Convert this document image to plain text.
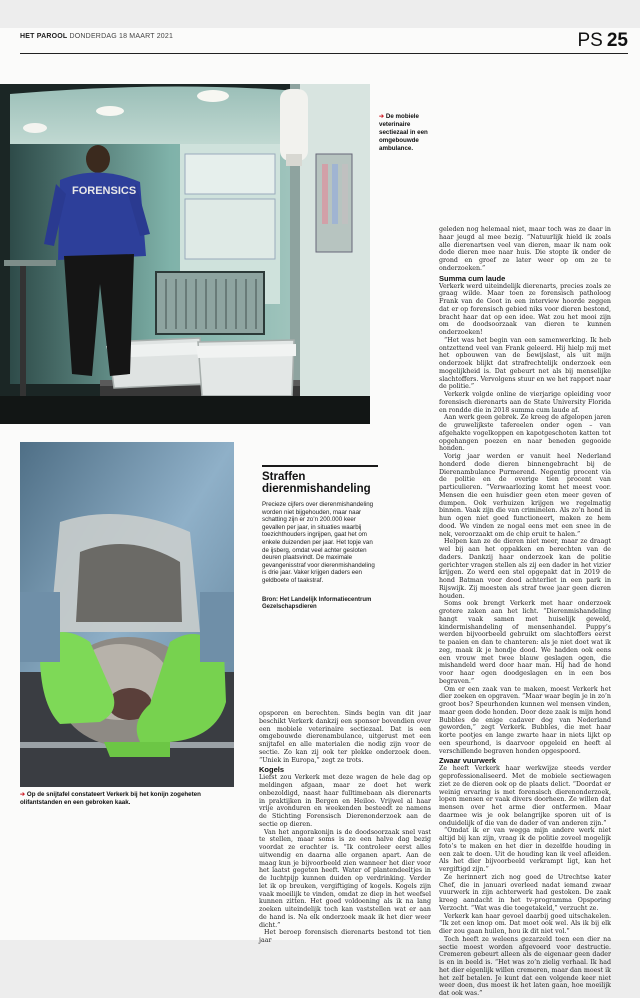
HET PAROOL DONDERDAG 18 MAART 2021	PS 25
FORENSICS
➔ De mobiele veterinaire sectiezaal in een omgebouwde ambulance.
➔ Op de snijtafel constateert Verkerk bij het konijn zogeheten olifantstanden en een gebroken kaak.
Straffen dierenmishandeling
Precieze cijfers over dierenmishandeling worden niet bijgehouden, maar naar schatting zijn er zo’n 200.000 keer gevallen per jaar, in situaties waarbij toezichthouders ingrijpen, gaat het om enkele duizenden per jaar. Het topje van de ijsberg, omdat veel achter gesloten deuren plaatsvindt. De maximale gevangenisstraf voor dierenmishandeling is drie jaar. Vaker krijgen daders een geldboete of taakstraf.
Bron: Het Landelijk Informatiecentrum Gezelschapsdieren

opsporen en berechten. Sinds begin van dit jaar beschikt Verkerk dankzij een sponsor bovendien over een mobiele veterinaire sectiezaal. Dat is een omgebouwde dierenambulance, uitgerust met een snijtafel en alle materialen die nodig zijn voor de sectie. Zo kan zij ook ter plekke onderzoek doen. “Uniek in Europa,” zegt ze trots.

Kogels

Liefst zou Verkerk met deze wagen de hele dag op meldingen afgaan, maar ze doet het werk onbezoldigd, naast haar fulltimebaan als dierenarts in praktijken in Bergen en Heiloo. Vrijwel al haar vrije avonduren en weekenden besteedt ze namens de Stichting Forensisch Dierenonderzoek aan de sectie op dieren.

Van het angorakonijn is de doodsoorzaak snel vast te stellen, maar soms is ze een halve dag bezig voordat ze erachter is. “Ik controleer eerst alles uitwendig en daarna alle organen apart. Aan de maag kun je bijvoorbeeld zien wanneer het dier voor het laatst gegeten heeft. Water of plantendeeltjes in de luchtpijp kunnen duiden op verdrinking. Verder let ik op breuken, vergiftiging of kogels. Kogels zijn vaak moeilijk te vinden, omdat ze diep in het weefsel kunnen zitten. Het goed voldoening als ik na lang zoeken uiteindelijk toch kan vaststellen wat er aan de hand is. Na elk onderzoek maak ik het dier weer dicht.”

Het beroep forensisch dierenarts bestond tot tien jaar

geleden nog helemaal niet, maar toch was ze daar in haar jeugd al mee bezig. “Natuurlijk hield ik zoals alle dierenartsen veel van dieren, maar ik nam ook dode dieren mee naar huis. Die stopte ik onder de grond en groef ze later weer op om ze te onderzoeken.”

Summa cum laude

Verkerk werd uiteindelijk dierenarts, precies zoals ze graag wilde. Maar toen ze forensisch patholoog Frank van de Goot in een interview hoorde zeggen dat er op forensisch gebied niks voor dieren bestond, bracht haar dat op een idee. Wat zou het mooi zijn om de doodsoorzaak van dieren te kunnen onderzoeken!

“Het was het begin van een samenwerking. Ik heb ontzettend veel van Frank geleerd. Hij hielp mij met het opbouwen van de bewijslast, als uit mijn onderzoek blijkt dat strafrechtelijk onderzoek een mogelijkheid is. Dat gebeurt net als bij menselijke slachtoffers. Vervolgens stuur en we het rapport naar de politie.”

Verkerk volgde online de vierjarige opleiding voor forensisch dierenarts aan de State University Florida en rondde die in 2018 summa cum laude af.

Aan werk geen gebrek. Ze kreeg de afgelopen jaren de gruwelijkste tafereelen onder ogen – van afgehakte vogelkoppen en kapotgeschoten katten tot opgehangen poezen en naar beneden gegooide honden.

Vorig jaar werden er vanuit heel Nederland honderd dode dieren binnengebracht bij de Dierenambulance Purmerend. Negentig procent via de politie en de overige tien procent van particulieren. “Verwaarlozing komt het meest voor. Mensen die een huisdier geen eten meer geven of dumpen. Ook verhuizen krijgen we regelmatig binnen. Vaak zijn die van criminelen. Als zo’n hond in hun ogen niet goed functioneert, maken ze hem dood. We vinden ze nogal eens met een snee in de nek, veroorzaakt om de chip eruit te halen.”

Helpen kan ze de dieren niet meer, maar ze draagt wel bij aan het oppakken en berechten van de daders. Dankzij haar onderzoek kan de politie gerichter vragen stellen als zij een dader in het vizier krijgen. Zo werd een stel opgepakt dat in 2019 de hond Batman voor dood achterliet in een park in Rijswijk. Zij moesten als straf twee jaar geen dieren houden.

Soms ook brengt Verkerk met haar onderzoek grotere zaken aan het licht. “Dierenmishandeling hangt vaak samen met huiselijk geweld, kindermishandeling of mensenhandel. Puppy’s werden bijvoorbeeld gebruikt om slachtoffers eerst te paaien en dan te chanteren: als je niet doet wat ik zeg, maak ik je hondje dood. We hadden ook eens een vrouw met twee blauw geslagen ogen, die mishandeld werd door haar man. Hij had de hond voor haar ogen doodgeslagen en in een bos begraven.”

Om er een zaak van te maken, moest Verkerk het dier zoeken en opgraven. “Maar waar begin je in zo’n groot bos? Speurhonden kunnen wel mensen vinden, maar geen dode honden. Door deze zaak is mijn hond Bubbles de enige cadaver dog van Nederland geworden,” zegt Verkerk. Bubbles, die met haar korte pootjes en lange zwarte haar in niets lijkt op een speurhond, is daarvoor opgeleid en heeft al verschillende begraven honden opgespoord.

Zwaar vuurwerk

Ze heeft Verkerk haar werkwijze steeds verder geprofessionaliseerd. Met de mobiele sectiewagen ziet ze de dieren ook op de plaats delict. “Doordat er weinig ervaring is met forensisch dierenonderzoek, lopen mensen er vaak divers doorheen. Ze willen dat mensen over het arme dier ontfermen. Maar daarmee wis je ook belangrijke sporen uit of is onduidelijk of die van de dader of van anderen zijn.”

“Omdat ik er van wegga mijn andere werk niet altijd bij kan zijn, vraag ik de politie zoveel mogelijk foto’s te maken en het dier in dezelfde houding in een zak te doen. Uit de houding kan ik veel afleiden. Als het dier bijvoorbeeld verkrampt ligt, kan het vergiftigd zijn.”

Ze herinnert zich nog goed de Utrechtse kater Chef, die in januari overleed nadat iemand zwaar vuurwerk in zijn achterwerk had gestoken. De zaak kreeg aandacht in het tv-programma Opsporing Verzocht. “Wat was die toegetakeld,” verzucht ze.

Verkerk kan haar gevoel daarbij goed uitschakelen. “Ik zet een knop om. Dat moet ook wel. Als ik bij elk dier zou gaan huilen, hou ik dit niet vol.”

Toch heeft ze weleens gezarzeld toen een dier na sectie moest worden afgevoerd voor destructie. Cremeren gebeurt alleen als de eigenaar geen dader is en in beeld is. “Het was zo’n zielig verhaal. Ik had het dier eigenlijk willen cremeren, maar dan moest ik het zelf betalen. Je kunt dat een volgende keer niet weer doen, dus moest ik het laten gaan, hoe moeilijk dat ook was.”
